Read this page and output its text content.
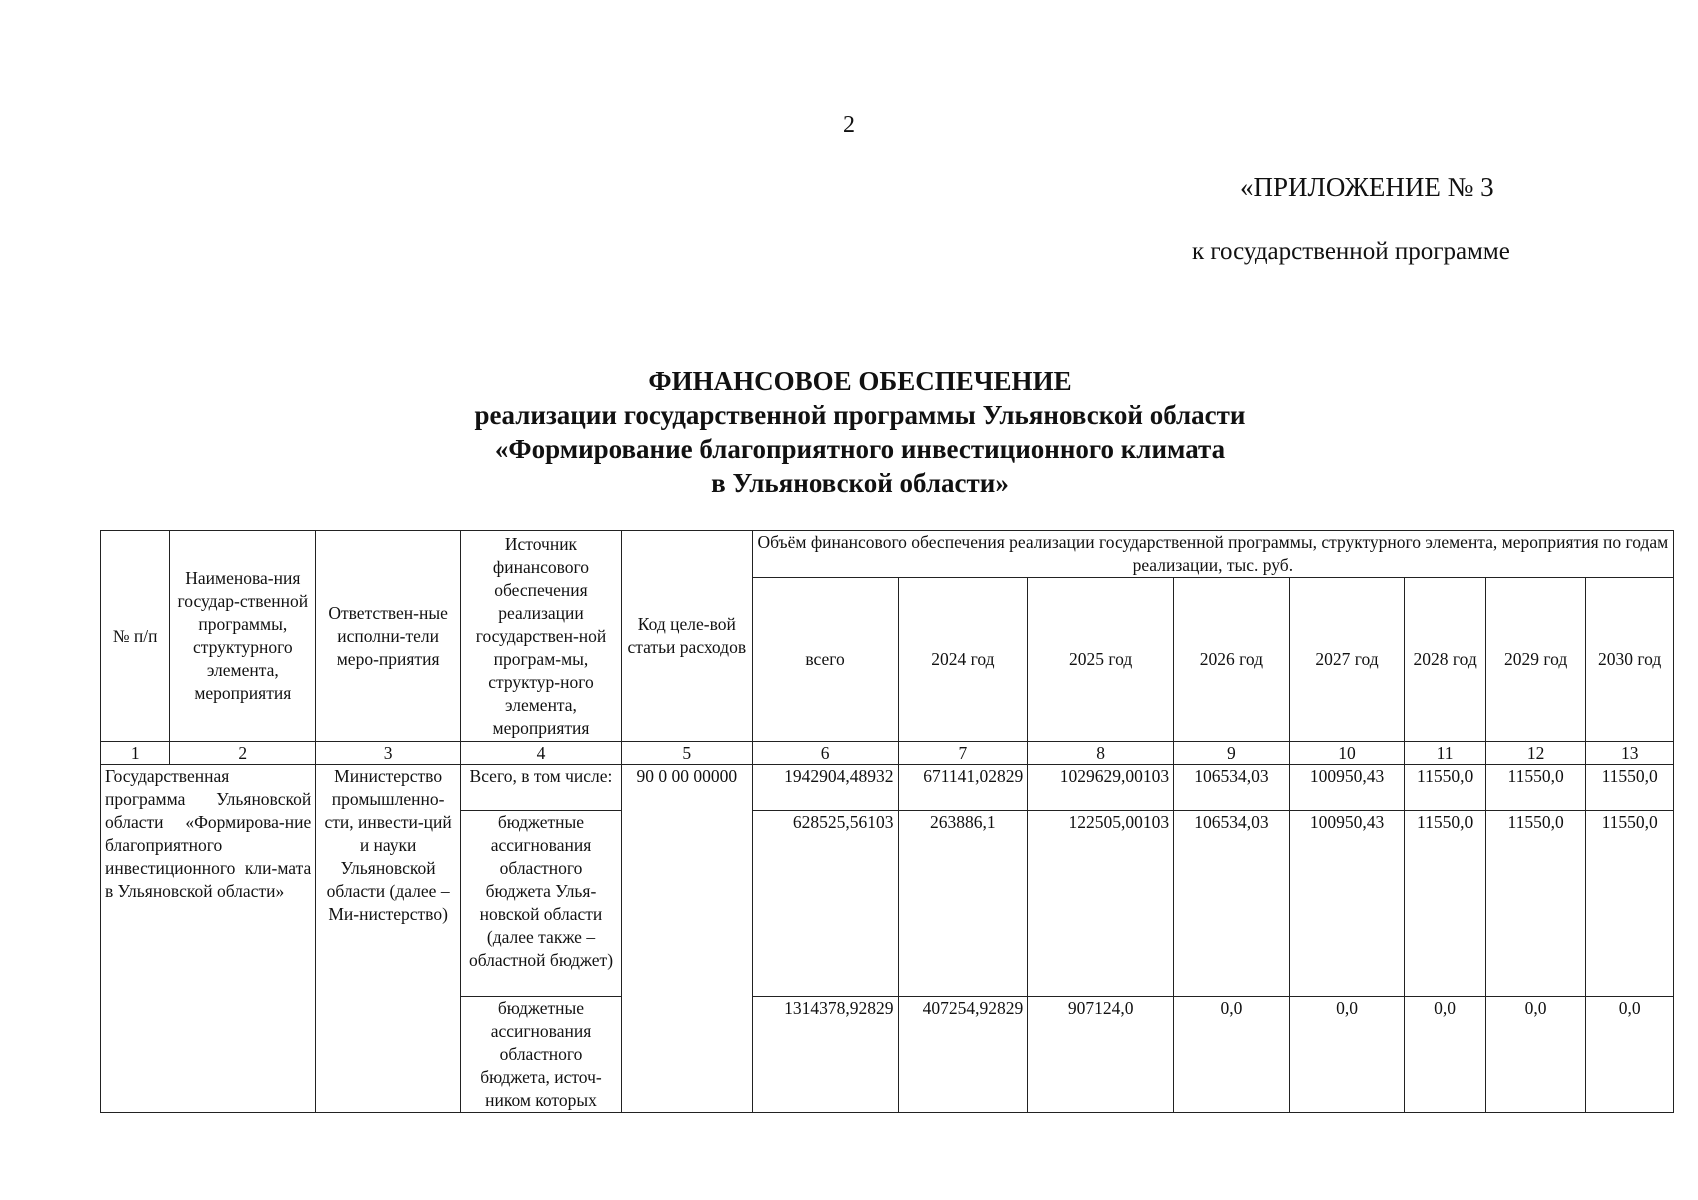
2
«ПРИЛОЖЕНИЕ № 3
к государственной программе
ФИНАНСОВОЕ ОБЕСПЕЧЕНИЕ
реализации государственной программы Ульяновской области
«Формирование благоприятного инвестиционного климата
в Ульяновской области»
№ п/п	Наименова-ния государ-ственной программы, структурного элемента, мероприятия	Ответствен-ные исполни-тели меро-приятия	Источник финансового обеспечения реализации государствен-ной програм-мы, структур-ного элемента, мероприятия	Код целе-вой статьи расходов	Объём финансового обеспечения реализации государственной программы, структурного элемента, мероприятия по годам реализации, тыс. руб.							
					всего	2024 год	2025 год	2026 год	2027 год	2028 год	2029 год	2030 год
1	2	3	4	5	6	7	8	9	10	11	12	13
Государственная программа Ульяновской области «Формирова-ние благоприятного инвестиционного кли-мата в Ульяновской области»		Министерство промышленно-сти, инвести-ций и науки Ульяновской области (далее – Ми-нистерство)	Всего, в том числе:	90 0 00 00000	1942904,48932	671141,02829	1029629,00103	106534,03	100950,43	11550,0	11550,0	11550,0
			бюджетные ассигнования областного бюджета Улья-новской области (далее также – областной бюджет)		628525,56103	263886,1	122505,00103	106534,03	100950,43	11550,0	11550,0	11550,0
			бюджетные ассигнования областного бюджета, источ-ником которых		1314378,92829	407254,92829	907124,0	0,0	0,0	0,0	0,0	0,0
